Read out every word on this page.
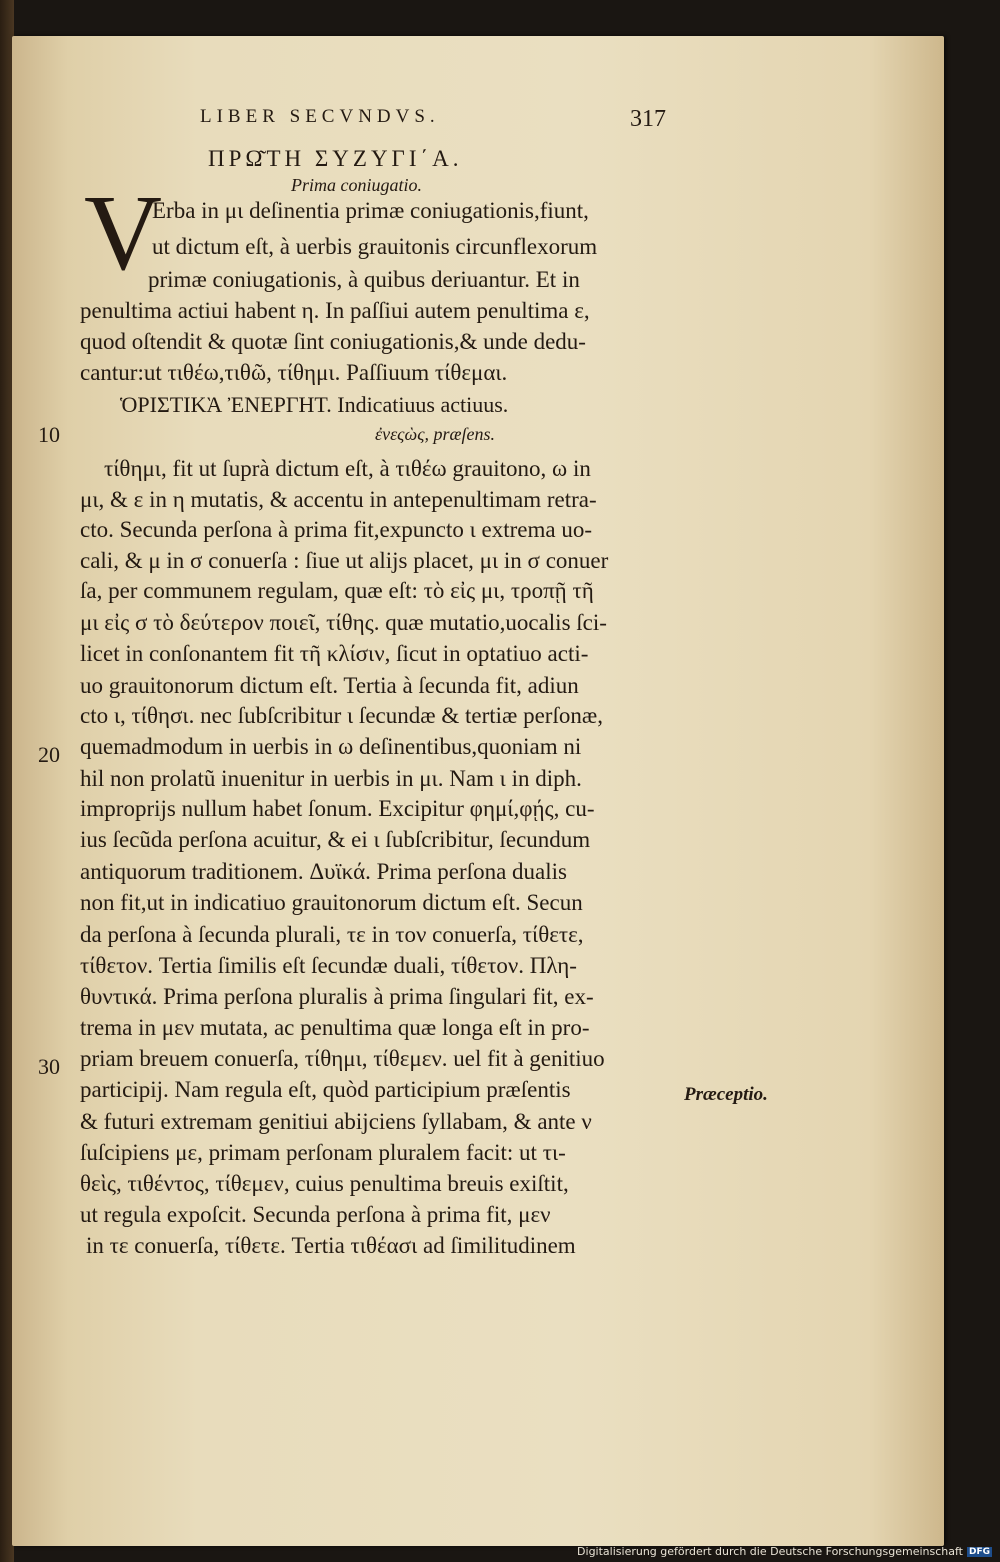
LIBER SECVNDVS.	317
ΠΡΩ͂ΤΗ ΣΥΖΥΓΙ΄Α.
Prima coniugatio.
V
Erba in μι deſinentia primæ coniugationis,fiunt,
ut dictum eſt, à uerbis grauitonis circunflexorum
primæ coniugationis, à quibus deriuantur. Et in
penultima actiui habent η. In paſſiui autem penultima ε,
quod oſtendit & quotæ ſint coniugationis,& unde dedu-
cantur:ut τιθέω,τιθῶ, τίθημι. Paſſiuum τίθεμαι.
ὉΡΙΣΤΙΚᾺ ἘΝΕΡΓΗΤ. Indicatiuus actiuus.
ἐνεςὼς, præſens.
10
τίθημι, fit ut ſuprà dictum eſt, à τιθέω grauitono, ω in
μι, & ε in η mutatis, & accentu in antepenultimam retra-
cto. Secunda perſona à prima fit,expuncto ι extrema uo-
cali, & μ in σ conuerſa : ſiue ut alijs placet, μι in σ conuer
ſa, per communem regulam, quæ eſt: τὸ εἰς μι, τροπῇ τῆ
μι εἰς σ τὸ δεύτερον ποιεῖ, τίθης. quæ mutatio,uocalis ſci-
licet in conſonantem fit τῆ κλίσιν, ſicut in optatiuo acti-
uo grauitonorum dictum eſt. Tertia à ſecunda fit, adiun
cto ι, τίθησι. nec ſubſcribitur ι ſecundæ & tertiæ perſonæ,
20 quemadmodum in uerbis in ω deſinentibus,quoniam ni
hil non prolatũ inuenitur in uerbis in μι. Nam ι in diph.
improprijs nullum habet ſonum. Excipitur φημί,φῄς, cu-
ius ſecũda perſona acuitur, & ei ι ſubſcribitur, ſecundum
antiquorum traditionem. Δυϊκά. Prima perſona dualis
non fit,ut in indicatiuo grauitonorum dictum eſt. Secun
da perſona à ſecunda plurali, τε in τον conuerſa, τίθετε,
τίθετον. Tertia ſimilis eſt ſecundæ duali, τίθετον. Πλη-
θυντικά. Prima perſona pluralis à prima ſingulari fit, ex-
trema in μεν mutata, ac penultima quæ longa eſt in pro-
30 priam breuem conuerſa, τίθημι, τίθεμεν. uel fit à genitiuo
participij. Nam regula eſt, quòd participium præſentis
& futuri extremam genitiui abijciens ſyllabam, & ante ν
ſuſcipiens με, primam perſonam pluralem facit: ut τι-
θεὶς, τιθέντος, τίθεμεν, cuius penultima breuis exiſtit,
ut regula expoſcit. Secunda perſona à prima fit, μεν
in τε conuerſa, τίθετε. Tertia τιθέασι ad ſimilitudinem
Præceptio.
Digitalisierung gefördert durch die Deutsche Forschungsgemeinschaft DFG
